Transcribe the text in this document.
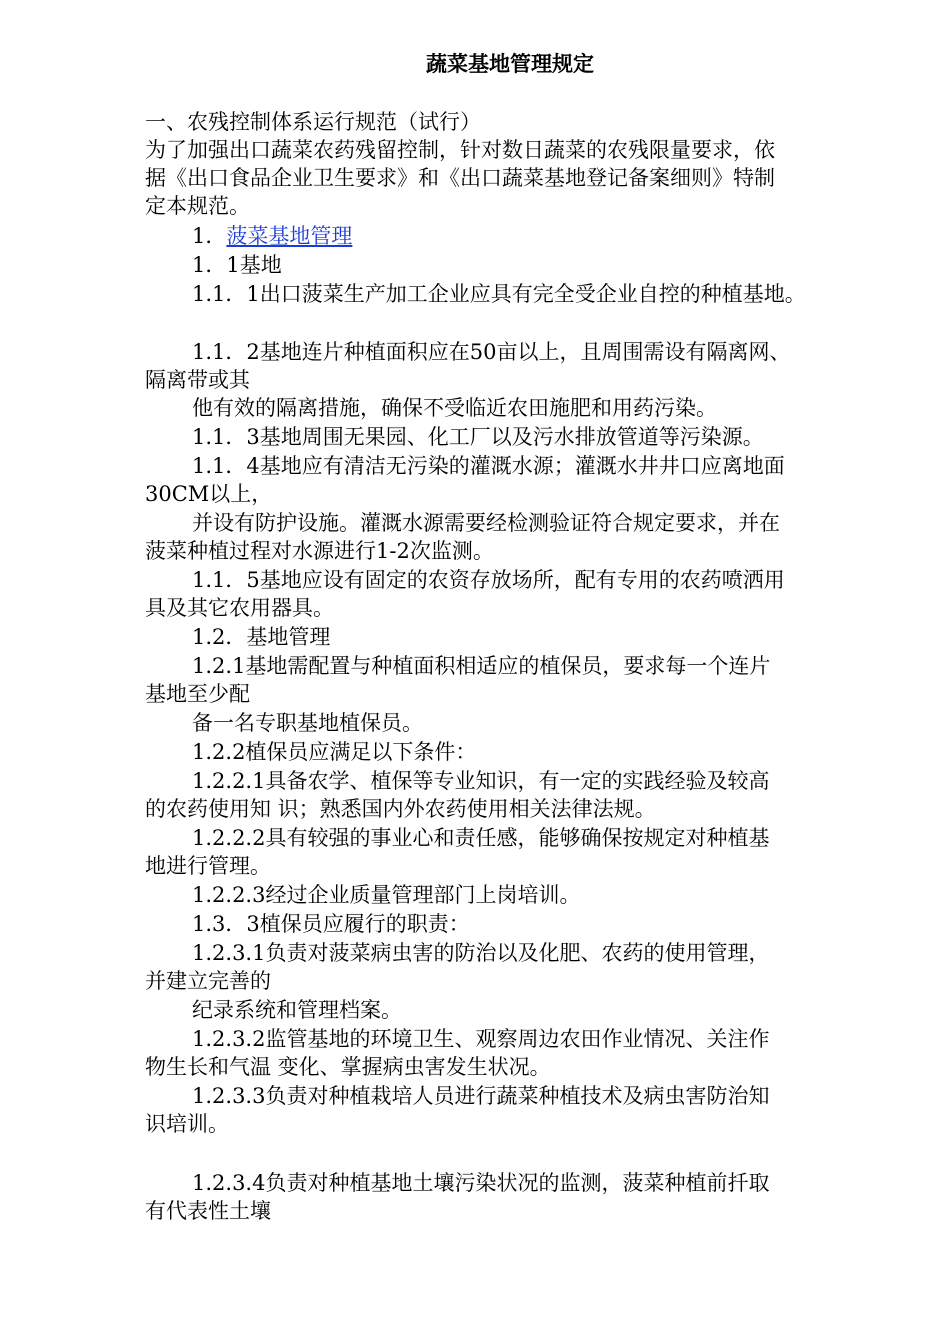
蔬菜基地管理规定
一、农残控制体系运行规范（试行）
为了加强出口蔬菜农药残留控制，针对数日蔬菜的农残限量要求，依
据《出口食品企业卫生要求》和《出口蔬菜基地登记备案细则》特制
定本规范。
1．菠菜基地管理
1．1基地
1.1．1出口菠菜生产加工企业应具有完全受企业自控的种植基地。
1.1．2基地连片种植面积应在50亩以上，且周围需设有隔离网、
隔离带或其
他有效的隔离措施，确保不受临近农田施肥和用药污染。
1.1．3基地周围无果园、化工厂以及污水排放管道等污染源。
1.1．4基地应有清洁无污染的灌溉水源；灌溉水井井口应离地面
30CM以上，
并设有防护设施。灌溉水源需要经检测验证符合规定要求，并在
菠菜种植过程对水源进行1-2次监测。
1.1．5基地应设有固定的农资存放场所，配有专用的农药喷洒用
具及其它农用器具。
1.2．基地管理
1.2.1基地需配置与种植面积相适应的植保员，要求每一个连片
基地至少配
备一名专职基地植保员。
1.2.2植保员应满足以下条件：
1.2.2.1具备农学、植保等专业知识，有一定的实践经验及较高
的农药使用知 识；熟悉国内外农药使用相关法律法规。
1.2.2.2具有较强的事业心和责任感，能够确保按规定对种植基
地进行管理。
1.2.2.3经过企业质量管理部门上岗培训。
1.3．3植保员应履行的职责：
1.2.3.1负责对菠菜病虫害的防治以及化肥、农药的使用管理，
并建立完善的
纪录系统和管理档案。
1.2.3.2监管基地的环境卫生、观察周边农田作业情况、关注作
物生长和气温 变化、掌握病虫害发生状况。
1.2.3.3负责对种植栽培人员进行蔬菜种植技术及病虫害防治知
识培训。
1.2.3.4负责对种植基地土壤污染状况的监测，菠菜种植前扦取
有代表性土壤
